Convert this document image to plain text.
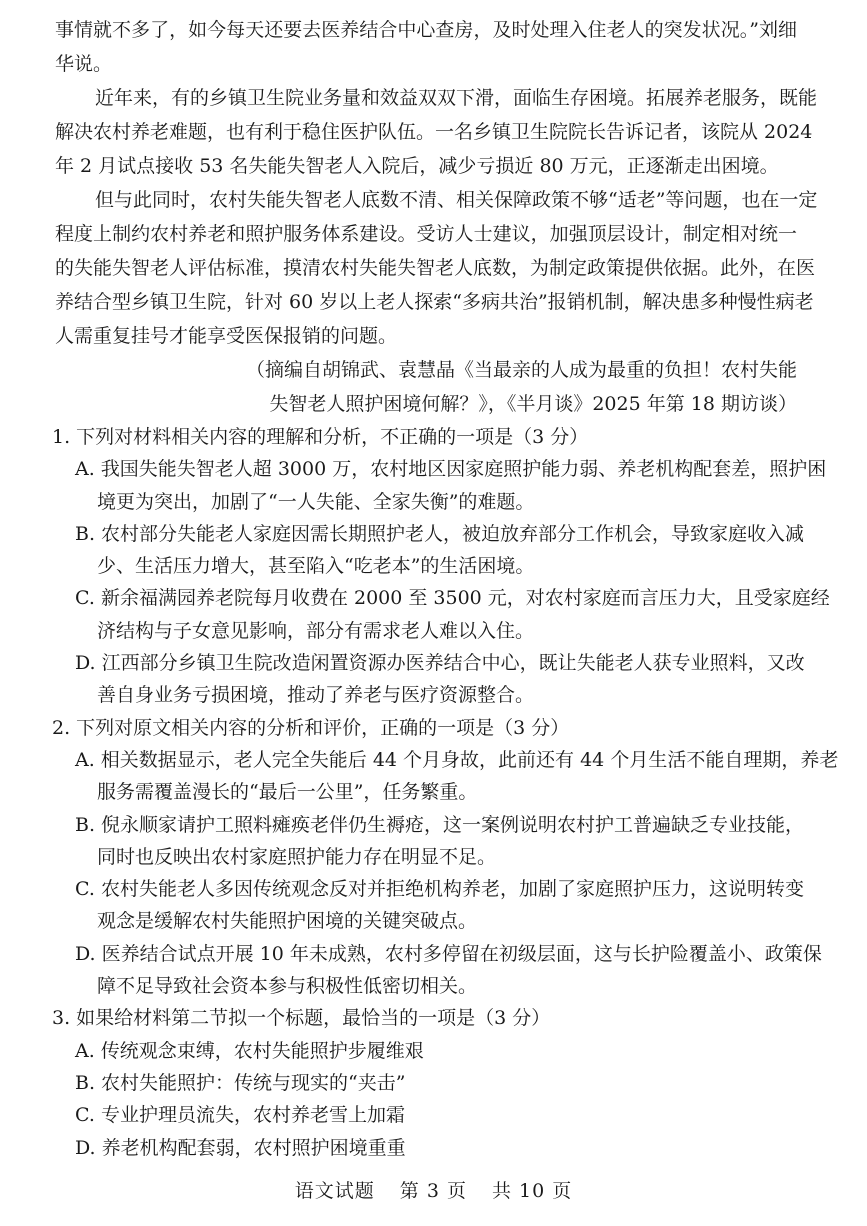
事情就不多了，如今每天还要去医养结合中心查房，及时处理入住老人的突发状况。”刘细
华说。
近年来，有的乡镇卫生院业务量和效益双双下滑，面临生存困境。拓展养老服务，既能
解决农村养老难题，也有利于稳住医护队伍。一名乡镇卫生院院长告诉记者，该院从 2024
年 2 月试点接收 53 名失能失智老人入院后，减少亏损近 80 万元，正逐渐走出困境。
但与此同时，农村失能失智老人底数不清、相关保障政策不够“适老”等问题，也在一定
程度上制约农村养老和照护服务体系建设。受访人士建议，加强顶层设计，制定相对统一
的失能失智老人评估标准，摸清农村失能失智老人底数，为制定政策提供依据。此外，在医
养结合型乡镇卫生院，针对 60 岁以上老人探索“多病共治”报销机制，解决患多种慢性病老
人需重复挂号才能享受医保报销的问题。
（摘编自胡锦武、袁慧晶《当最亲的人成为最重的负担！农村失能
失智老人照护困境何解？》，《半月谈》2025 年第 18 期访谈）
1. 下列对材料相关内容的理解和分析，不正确的一项是（3 分）
A. 我国失能失智老人超 3000 万，农村地区因家庭照护能力弱、养老机构配套差，照护困
境更为突出，加剧了“一人失能、全家失衡”的难题。
B. 农村部分失能老人家庭因需长期照护老人，被迫放弃部分工作机会，导致家庭收入减
少、生活压力增大，甚至陷入“吃老本”的生活困境。
C. 新余福满园养老院每月收费在 2000 至 3500 元，对农村家庭而言压力大，且受家庭经
济结构与子女意见影响，部分有需求老人难以入住。
D. 江西部分乡镇卫生院改造闲置资源办医养结合中心，既让失能老人获专业照料，又改
善自身业务亏损困境，推动了养老与医疗资源整合。
2. 下列对原文相关内容的分析和评价，正确的一项是（3 分）
A. 相关数据显示，老人完全失能后 44 个月身故，此前还有 44 个月生活不能自理期，养老
服务需覆盖漫长的“最后一公里”，任务繁重。
B. 倪永顺家请护工照料瘫痪老伴仍生褥疮，这一案例说明农村护工普遍缺乏专业技能，
同时也反映出农村家庭照护能力存在明显不足。
C. 农村失能老人多因传统观念反对并拒绝机构养老，加剧了家庭照护压力，这说明转变
观念是缓解农村失能照护困境的关键突破点。
D. 医养结合试点开展 10 年未成熟，农村多停留在初级层面，这与长护险覆盖小、政策保
障不足导致社会资本参与积极性低密切相关。
3. 如果给材料第二节拟一个标题，最恰当的一项是（3 分）
A. 传统观念束缚，农村失能照护步履维艰
B. 农村失能照护：传统与现实的“夹击”
C. 专业护理员流失，农村养老雪上加霜
D. 养老机构配套弱，农村照护困境重重
语文试题 第 3 页 共 10 页
